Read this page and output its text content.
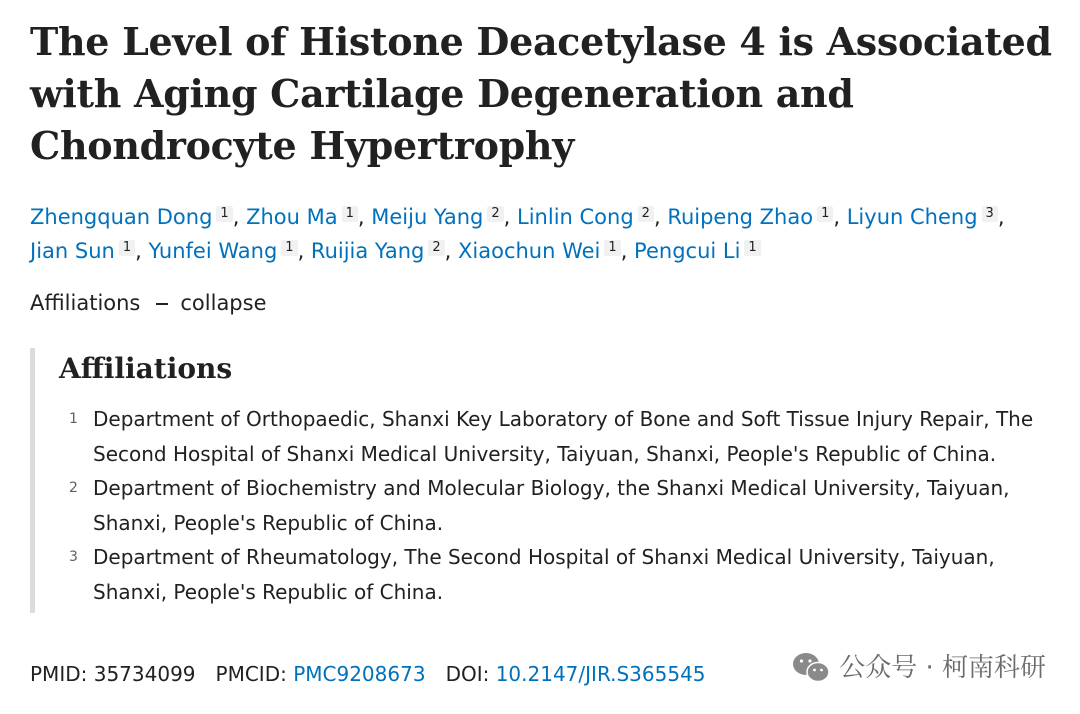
The Level of Histone Deacetylase 4 is Associated with Aging Cartilage Degeneration and Chondrocyte Hypertrophy
Zhengquan Dong 1 , Zhou Ma 1 , Meiju Yang 2 , Linlin Cong 2 , Ruipeng Zhao 1 , Liyun Cheng 3 ,
Jian Sun 1 , Yunfei Wang 1 , Ruijia Yang 2 , Xiaochun Wei 1 , Pengcui Li 1
Affiliations collapse
Affiliations
1 Department of Orthopaedic, Shanxi Key Laboratory of Bone and Soft Tissue Injury Repair, The Second Hospital of Shanxi Medical University, Taiyuan, Shanxi, People's Republic of China.
2 Department of Biochemistry and Molecular Biology, the Shanxi Medical University, Taiyuan, Shanxi, People's Republic of China.
3 Department of Rheumatology, The Second Hospital of Shanxi Medical University, Taiyuan, Shanxi, People's Republic of China.
PMID: 35734099 PMCID: PMC9208673 DOI: 10.2147/JIR.S365545	公众号 · 柯南科研
